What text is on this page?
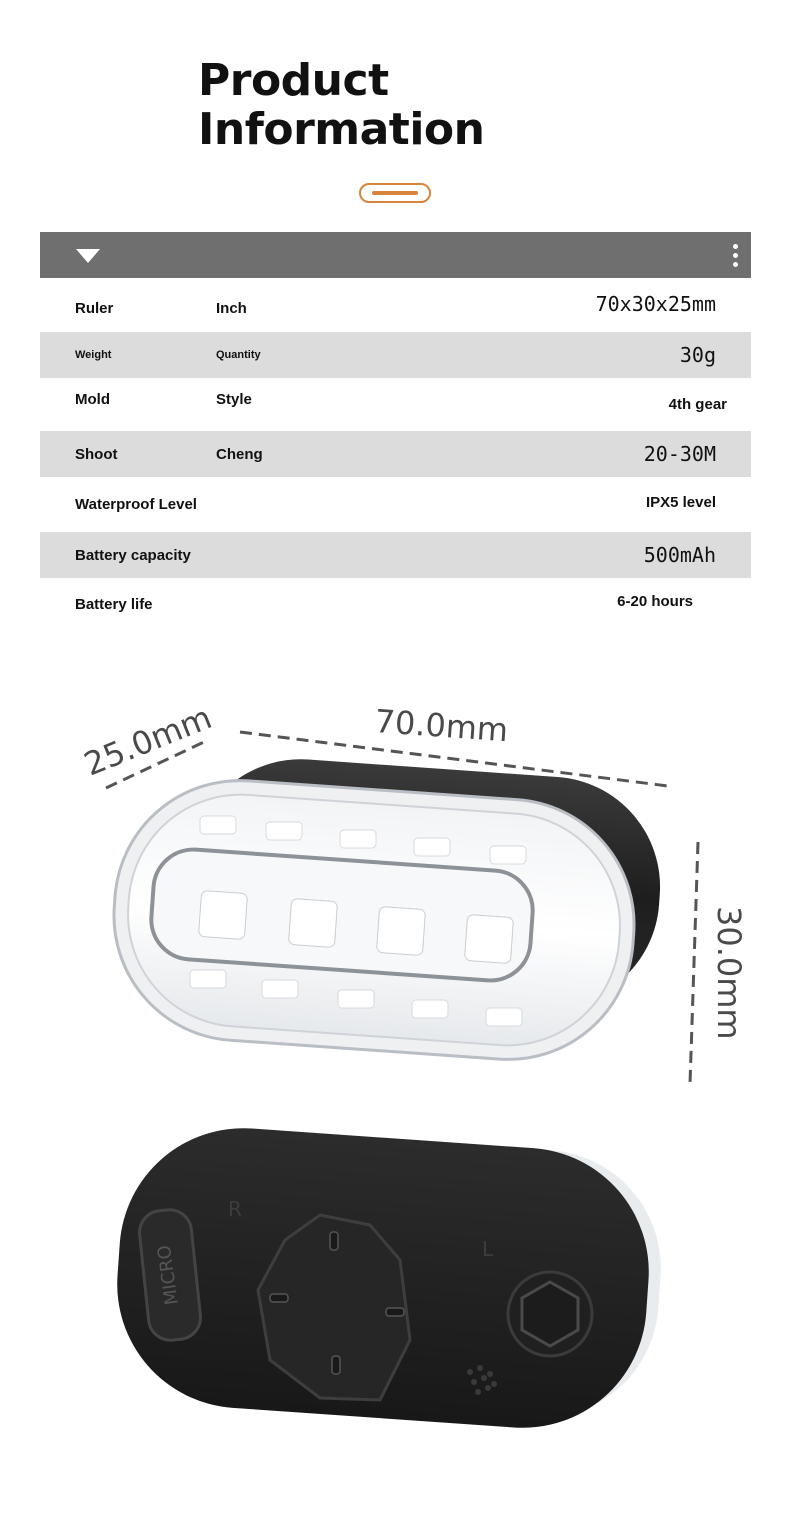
Product
Information
Ruler	Inch	70x30x25mm
Weight	Quantity	30g
Mold	Style	4th gear
Shoot	Cheng	20-30M
Waterproof Level	IPX5 level
Battery capacity	500mAh
Battery life	6-20 hours
25.0mm	70.0mm
30.0mm
MICRO
R
L
